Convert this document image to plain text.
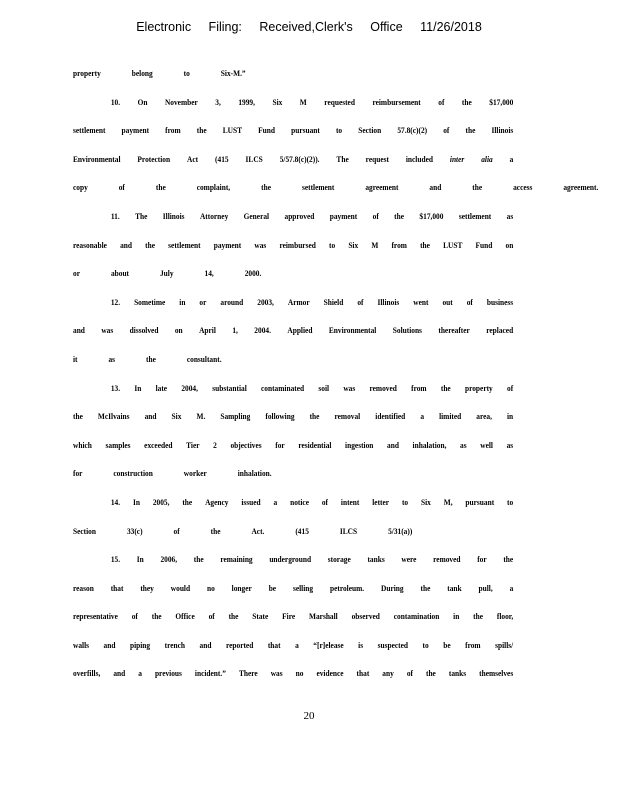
Electronic Filing: Received,Clerk's Office 11/26/2018
property	belong	to	Six-M.”
10. On November 3, 1999, Six M requested reimbursement of the $17,000
settlement payment from the LUST Fund pursuant to Section 57.8(c)(2) of the Illinois
Environmental Protection Act (415 ILCS 5/57.8(c)(2)). The request included inter alia a
copy	of	the	complaint,	the	settlement	agreement	and	the	access	agreement.
11. The Illinois Attorney General approved payment of the $17,000 settlement as
reasonable and the settlement payment was reimbursed to Six M from the LUST Fund on
or	about	July	14,	2000.
12. Sometime in or around 2003, Armor Shield of Illinois went out of business
and was dissolved on April 1, 2004. Applied Environmental Solutions thereafter replaced
it	as	the	consultant.
13. In late 2004, substantial contaminated soil was removed from the property of
the McIlvains and Six M. Sampling following the removal identified a limited area, in
which samples exceeded Tier 2 objectives for residential ingestion and inhalation, as well as
for	construction	worker	inhalation.
14. In 2005, the Agency issued a notice of intent letter to Six M, pursuant to
Section	33(c)	of	the	Act.	(415	ILCS	5/31(a))
15. In 2006, the remaining underground storage tanks were removed for the
reason that they would no longer be selling petroleum. During the tank pull, a
representative of the Office of the State Fire Marshall observed contamination in the floor,
walls and piping trench and reported that a “[r]elease is suspected to be from spills/
overfills, and a previous incident.” There was no evidence that any of the tanks themselves
20
